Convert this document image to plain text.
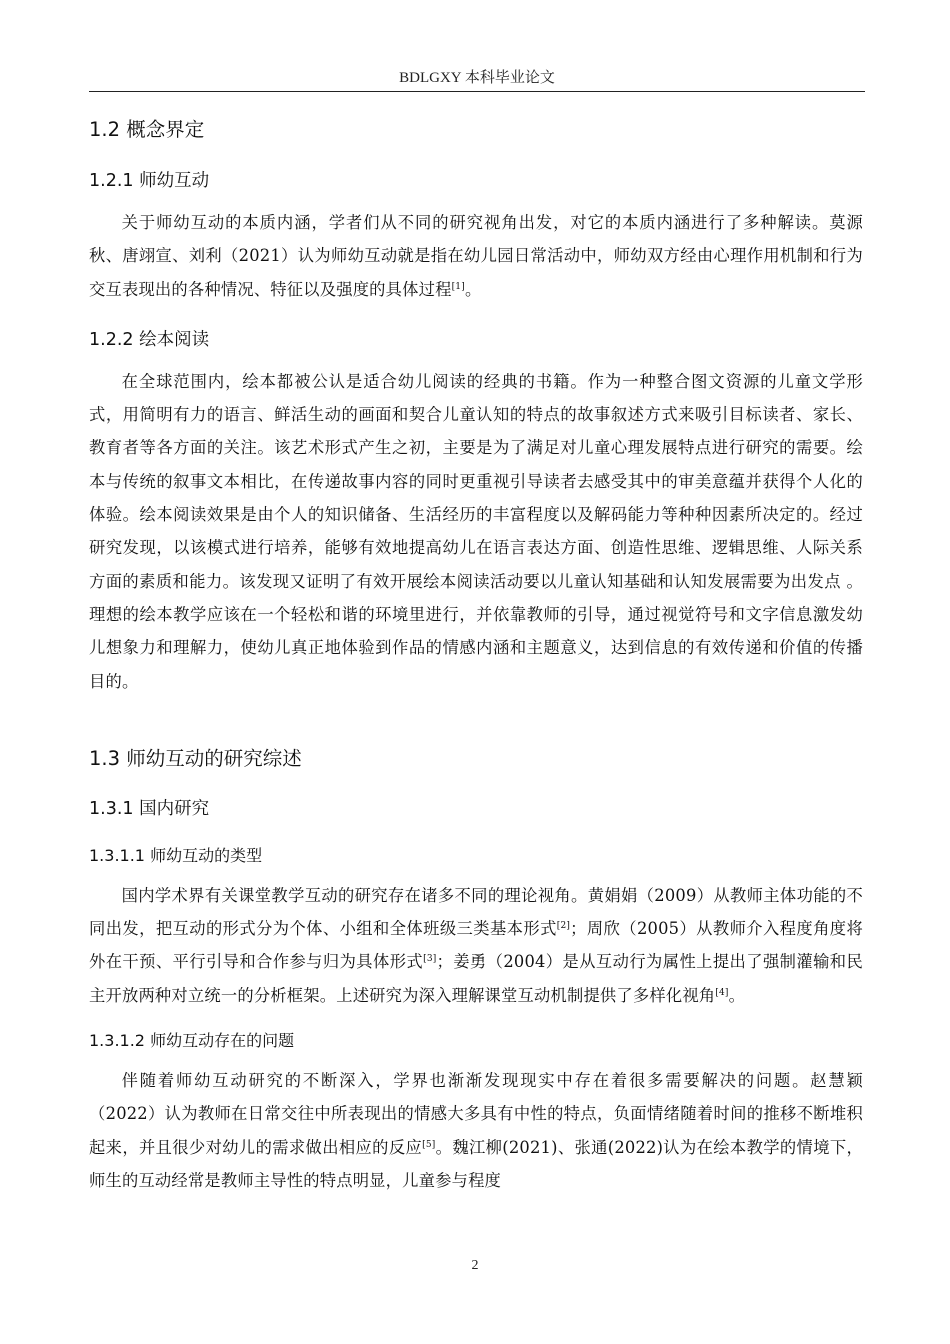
BDLGXY 本科毕业论文
1.2 概念界定
1.2.1 师幼互动

关于师幼互动的本质内涵，学者们从不同的研究视角出发，对它的本质内涵进行了多种解读。莫源秋、唐翊宣、刘利（2021）认为师幼互动就是指在幼儿园日常活动中，师幼双方经由心理作用机制和行为交互表现出的各种情况、特征以及强度的具体过程[1]。

1.2.2 绘本阅读

在全球范围内，绘本都被公认是适合幼儿阅读的经典的书籍。作为一种整合图文资源的儿童文学形式，用简明有力的语言、鲜活生动的画面和契合儿童认知的特点的故事叙述方式来吸引目标读者、家长、教育者等各方面的关注。该艺术形式产生之初，主要是为了满足对儿童心理发展特点进行研究的需要。绘本与传统的叙事文本相比，在传递故事内容的同时更重视引导读者去感受其中的审美意蕴并获得个人化的体验。绘本阅读效果是由个人的知识储备、生活经历的丰富程度以及解码能力等种种因素所决定的。经过研究发现，以该模式进行培养，能够有效地提高幼儿在语言表达方面、创造性思维、逻辑思维、人际关系方面的素质和能力。该发现又证明了有效开展绘本阅读活动要以儿童认知基础和认知发展需要为出发点 。理想的绘本教学应该在一个轻松和谐的环境里进行，并依靠教师的引导，通过视觉符号和文字信息激发幼儿想象力和理解力，使幼儿真正地体验到作品的情感内涵和主题意义，达到信息的有效传递和价值的传播目的。

1.3 师幼互动的研究综述
1.3.1 国内研究
1.3.1.1 师幼互动的类型

国内学术界有关课堂教学互动的研究存在诸多不同的理论视角。黄娟娟（2009）从教师主体功能的不同出发，把互动的形式分为个体、小组和全体班级三类基本形式[2]；周欣（2005）从教师介入程度角度将外在干预、平行引导和合作参与归为具体形式[3]；姜勇（2004）是从互动行为属性上提出了强制灌输和民主开放两种对立统一的分析框架。上述研究为深入理解课堂互动机制提供了多样化视角[4]。

1.3.1.2 师幼互动存在的问题

伴随着师幼互动研究的不断深入，学界也渐渐发现现实中存在着很多需要解决的问题。赵慧颖（2022）认为教师在日常交往中所表现出的情感大多具有中性的特点，负面情绪随着时间的推移不断堆积起来，并且很少对幼儿的需求做出相应的反应[5]。魏江柳(2021)、张通(2022)认为在绘本教学的情境下，师生的互动经常是教师主导性的特点明显，儿童参与程度

2
